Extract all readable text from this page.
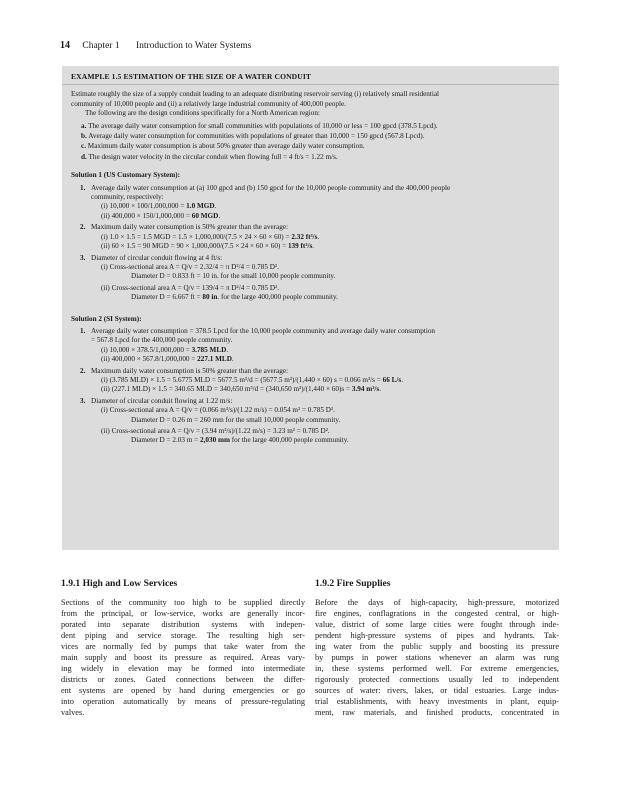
14 Chapter 1 Introduction to Water Systems
EXAMPLE 1.5 ESTIMATION OF THE SIZE OF A WATER CONDUIT

Estimate roughly the size of a supply conduit leading to an adequate distributing reservoir serving (i) relatively small residential

community of 10,000 people and (ii) a relatively large industrial community of 400,000 people.

The following are the design conditions specifically for a North American region:

a. The average daily water consumption for small communities with populations of 10,000 or less = 100 gpcd (378.5 Lpcd).
b. Average daily water consumption for communities with populations of greater than 10,000 = 150 gpcd (567.8 Lpcd).
c. Maximum daily water consumption is about 50% greater than average daily water consumption.
d. The design water velocity in the circular conduit when flowing full = 4 ft/s = 1.22 m/s.
Solution 1 (US Customary System):
1. Average daily water consumption at (a) 100 gpcd and (b) 150 gpcd for the 10,000 people community and the 400,000 people
community, respectively:
(i) 10,000 × 100/1,000,000 = 1.0 MGD.
(ii) 400,000 × 150/1,000,000 = 60 MGD.
2. Maximum daily water consumption is 50% greater than the average:
(i) 1.0 × 1.5 = 1.5 MGD = 1.5 × 1,000,000/(7.5 × 24 × 60 × 60) = 2.32 ft³/s.
(ii) 60 × 1.5 = 90 MGD = 90 × 1,000,000/(7.5 × 24 × 60 × 60) = 139 ft³/s.
3. Diameter of circular conduit flowing at 4 ft/s:
(i) Cross-sectional area A = Q/v = 2.32/4 = π D²/4 = 0.785 D².
Diameter D = 0.833 ft = 10 in. for the small 10,000 people community.
(ii) Cross-sectional area A = Q/v = 139/4 = π D²/4 = 0.785 D².
Diameter D = 6.667 ft = 80 in. for the large 400,000 people community.
Solution 2 (SI System):
1. Average daily water consumption = 378.5 Lpcd for the 10,000 people community and average daily water consumption
= 567.8 Lpcd for the 400,000 people community.
(i) 10,000 × 378.5/1,000,000 = 3.785 MLD.
(ii) 400,000 × 567.8/1,000,000 = 227.1 MLD.
2. Maximum daily water consumption is 50% greater than the average:
(i) (3.785 MLD) × 1.5 = 5.6775 MLD = 5677.5 m³/d = (5677.5 m³)/(1,440 × 60) s = 0.066 m³/s = 66 L/s.
(ii) (227.1 MLD) × 1.5 = 340.65 MLD = 340,650 m³/d = (340,650 m³)/(1,440 × 60)s = 3.94 m³/s.
3. Diameter of circular conduit flowing at 1.22 m/s:
(i) Cross-sectional area A = Q/v = (0.066 m³/s)/(1.22 m/s) = 0.054 m² = 0.785 D².
Diameter D = 0.26 m = 260 mm for the small 10,000 people community.
(ii) Cross-sectional area A = Q/v = (3.94 m³/s)/(1.22 m/s) = 3.23 m² = 0.785 D².
Diameter D = 2.03 m = 2,030 mm for the large 400,000 people community.
1.9.1 High and Low Services	1.9.2 Fire Supplies
Sections of the community too high to be supplied directly
from the principal, or low-service, works are generally incor-
porated into separate distribution systems with indepen-
dent piping and service storage. The resulting high ser-
vices are normally fed by pumps that take water from the
main supply and boost its pressure as required. Areas vary-
ing widely in elevation may be formed into intermediate
districts or zones. Gated connections between the differ-
ent systems are opened by hand during emergencies or go
into operation automatically by means of pressure-regulating
valves.
Before the days of high-capacity, high-pressure, motorized
fire engines, conflagrations in the congested central, or high-
value, district of some large cities were fought through inde-
pendent high-pressure systems of pipes and hydrants. Tak-
ing water from the public supply and boosting its pressure
by pumps in power stations whenever an alarm was rung
in, these systems performed well. For extreme emergencies,
rigorously protected connections usually led to independent
sources of water: rivers, lakes, or tidal estuaries. Large indus-
trial establishments, with heavy investments in plant, equip-
ment, raw materials, and finished products, concentrated in
